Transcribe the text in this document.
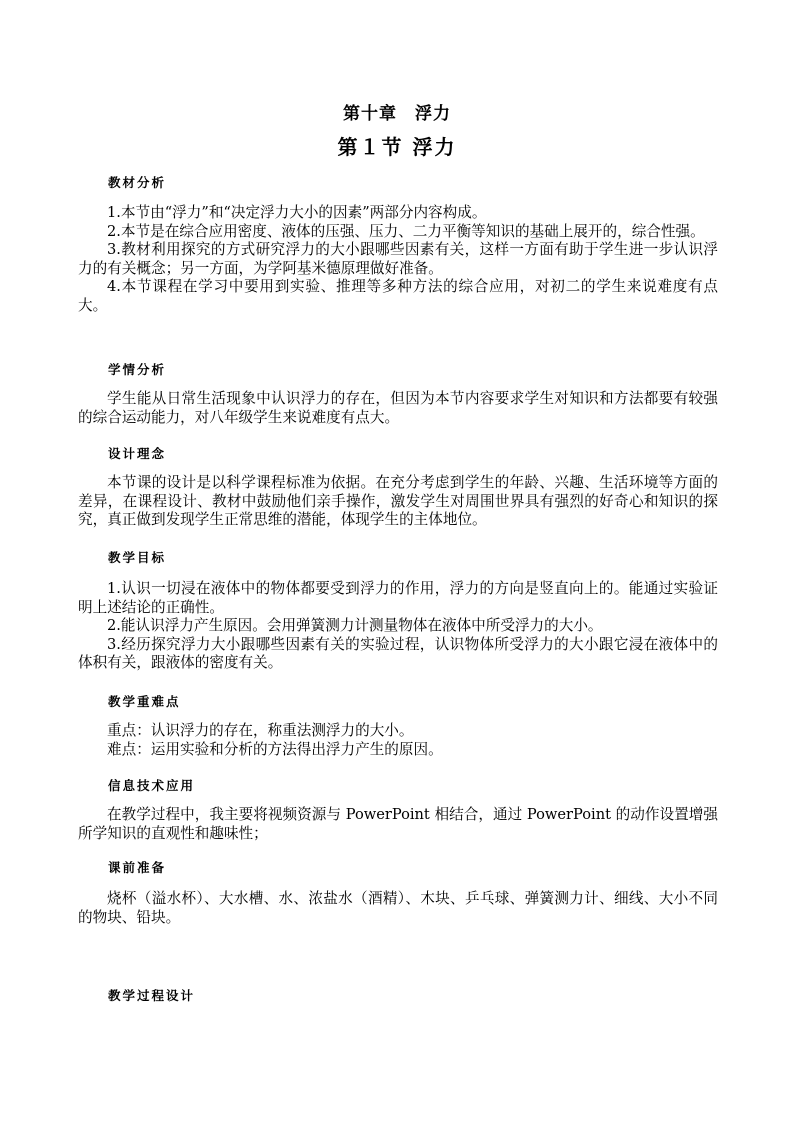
第十章　浮力
第１节 浮力
教材分析
1.本节由“浮力”和“决定浮力大小的因素”两部分内容构成。
2.本节是在综合应用密度、液体的压强、压力、二力平衡等知识的基础上展开的，综合性强。
3.教材利用探究的方式研究浮力的大小跟哪些因素有关，这样一方面有助于学生进一步认识浮力的有关概念；另一方面，为学阿基米德原理做好准备。
4.本节课程在学习中要用到实验、推理等多种方法的综合应用，对初二的学生来说难度有点大。
学情分析
学生能从日常生活现象中认识浮力的存在，但因为本节内容要求学生对知识和方法都要有较强的综合运动能力，对八年级学生来说难度有点大。
设计理念
本节课的设计是以科学课程标准为依据。在充分考虑到学生的年龄、兴趣、生活环境等方面的差异，在课程设计、教材中鼓励他们亲手操作，激发学生对周围世界具有强烈的好奇心和知识的探究，真正做到发现学生正常思维的潜能，体现学生的主体地位。
教学目标
1.认识一切浸在液体中的物体都要受到浮力的作用，浮力的方向是竖直向上的。能通过实验证明上述结论的正确性。
2.能认识浮力产生原因。会用弹簧测力计测量物体在液体中所受浮力的大小。
3.经历探究浮力大小跟哪些因素有关的实验过程，认识物体所受浮力的大小跟它浸在液体中的体积有关，跟液体的密度有关。
教学重难点
重点：认识浮力的存在，称重法测浮力的大小。
难点：运用实验和分析的方法得出浮力产生的原因。
信息技术应用
在教学过程中，我主要将视频资源与 PowerPoint 相结合，通过 PowerPoint 的动作设置增强所学知识的直观性和趣味性；
课前准备
烧杯（溢水杯）、大水槽、水、浓盐水（酒精）、木块、乒乓球、弹簧测力计、细线、大小不同的物块、铅块。
教学过程设计
